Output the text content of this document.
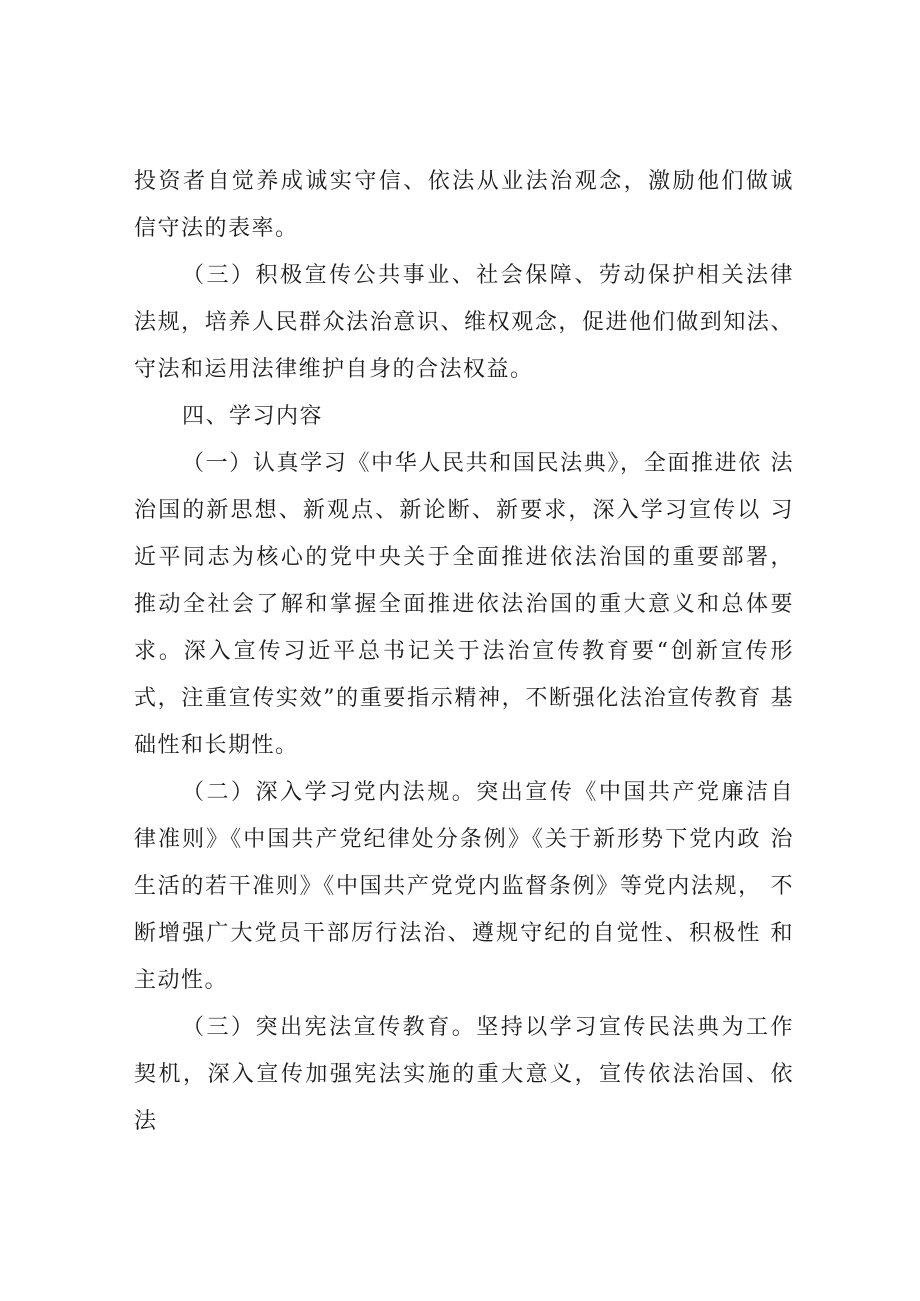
投资者自觉养成诚实守信、依法从业法治观念，激励他们做诚 信守法的表率。

（三）积极宣传公共事业、社会保障、劳动保护相关法律 法规，培养人民群众法治意识、维权观念，促进他们做到知法、 守法和运用法律维护自身的合法权益。

四、学习内容

（一）认真学习《中华人民共和国民法典》，全面推进依 法治国的新思想、新观点、新论断、新要求，深入学习宣传以 习近平同志为核心的党中央关于全面推进依法治国的重要部署， 推动全社会了解和掌握全面推进依法治国的重大意义和总体要 求。深入宣传习近平总书记关于法治宣传教育要“创新宣传形 式，注重宣传实效”的重要指示精神，不断强化法治宣传教育 基础性和长期性。

（二）深入学习党内法规。突出宣传《中国共产党廉洁自 律准则》《中国共产党纪律处分条例》《关于新形势下党内政 治生活的若干准则》《中国共产党党内监督条例》等党内法规， 不断增强广大党员干部厉行法治、遵规守纪的自觉性、积极性 和主动性。

（三）突出宪法宣传教育。坚持以学习宣传民法典为工作 契机，深入宣传加强宪法实施的重大意义，宣传依法治国、依 法
